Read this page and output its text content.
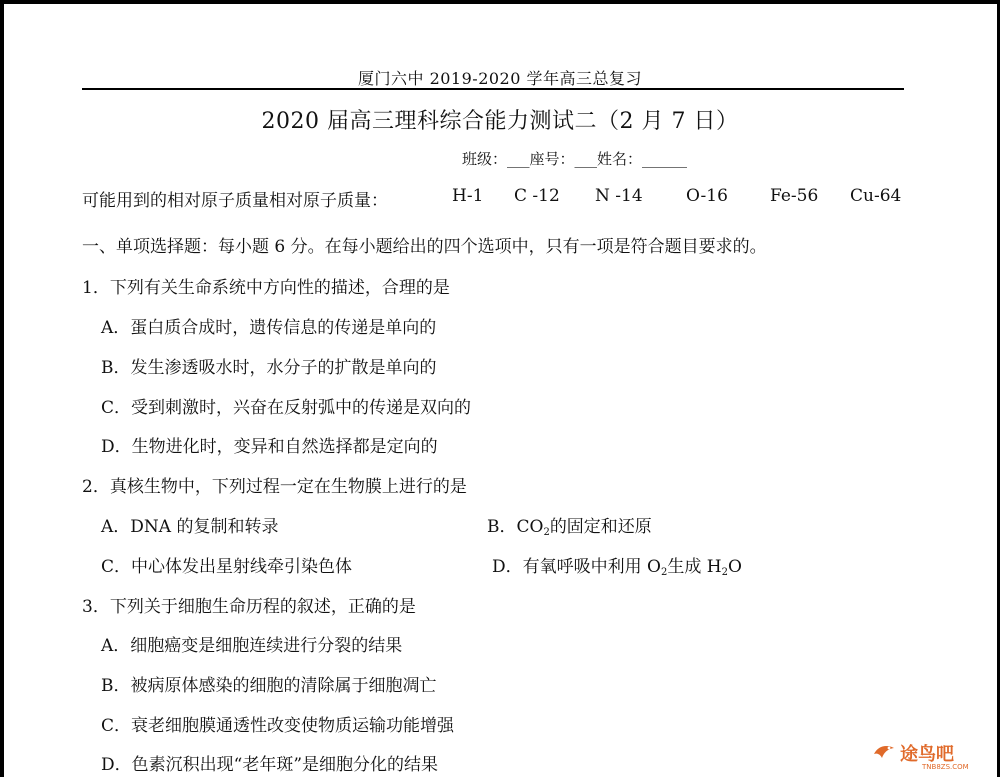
厦门六中 2019-2020 学年高三总复习
2020 届高三理科综合能力测试二（2 月 7 日）
班级：___座号：___姓名：______
可能用到的相对原子质量相对原子质量：	H-1 C -12 N -14	O-16 Fe-56 Cu-64
一、单项选择题：每小题 6 分。在每小题给出的四个选项中，只有一项是符合题目要求的。
1．下列有关生命系统中方向性的描述，合理的是
A．蛋白质合成时，遗传信息的传递是单向的
B．发生渗透吸水时，水分子的扩散是单向的
C．受到刺激时，兴奋在反射弧中的传递是双向的
D．生物进化时，变异和自然选择都是定向的
2．真核生物中，下列过程一定在生物膜上进行的是
A．DNA 的复制和转录	B．$CO_2$的固定和还原
C．中心体发出星射线牵引染色体	D．有氧呼吸中利用 $O_2$生成 $H_2O$
3．下列关于细胞生命历程的叙述，正确的是
A．细胞癌变是细胞连续进行分裂的结果
B．被病原体感染的细胞的清除属于细胞凋亡
C．衰老细胞膜通透性改变使物质运输功能增强
D．色素沉积出现“老年斑”是细胞分化的结果	途鸟吧
TNB8ZS.COM
